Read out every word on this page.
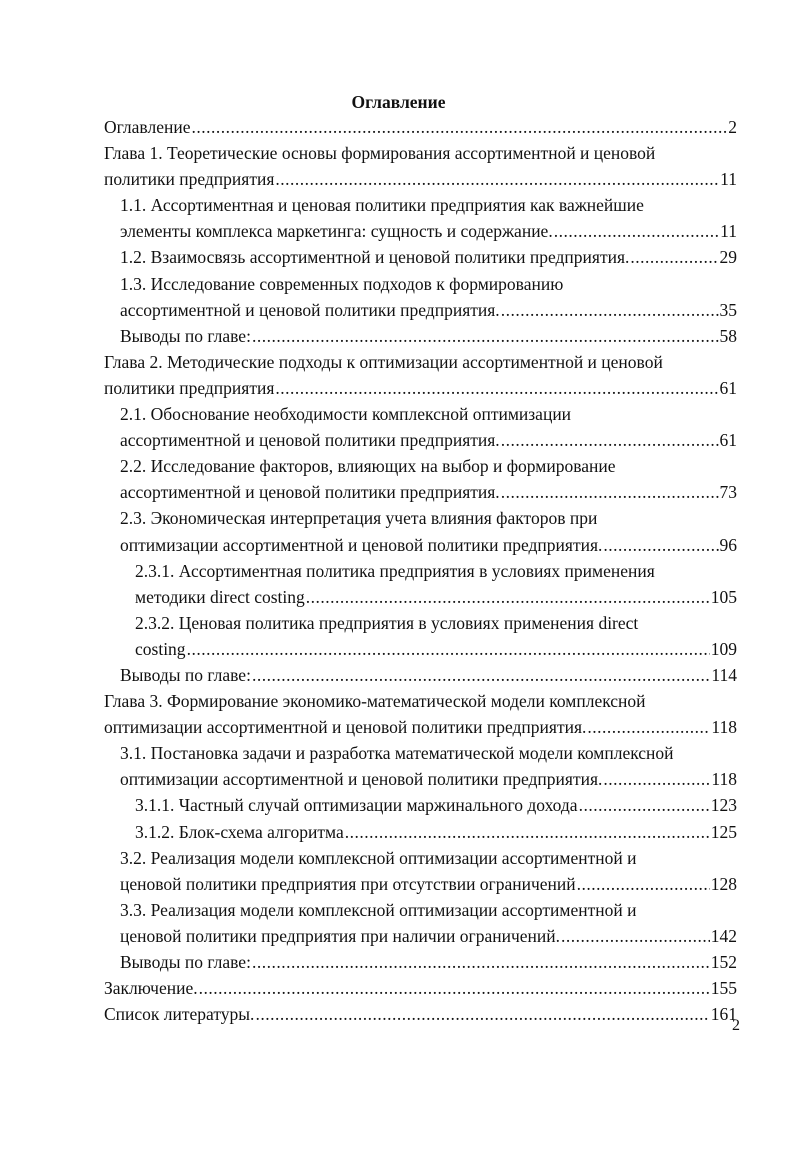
Оглавление
Оглавление .....	2
Глава 1. Теоретические основы формирования ассортиментной и ценовой
политики предприятия .....	11
1.1. Ассортиментная и ценовая политики предприятия как важнейшие
элементы комплекса маркетинга: сущность и содержание. .....	11
1.2. Взаимосвязь ассортиментной и ценовой политики предприятия. .....	29
1.3. Исследование современных подходов к формированию
ассортиментной и ценовой политики предприятия. .....	35
Выводы по главе: .....	58
Глава 2. Методические подходы к оптимизации ассортиментной и ценовой
политики предприятия .....	61
2.1. Обоснование необходимости комплексной оптимизации
ассортиментной и ценовой политики предприятия. .....	61
2.2. Исследование факторов, влияющих на выбор и формирование
ассортиментной и ценовой политики предприятия. .....	73
2.3. Экономическая интерпретация учета влияния факторов при
оптимизации ассортиментной и ценовой политики предприятия. .....	96
2.3.1. Ассортиментная политика предприятия в условиях применения
методики direct costing .....	105
2.3.2. Ценовая политика предприятия в условиях применения direct
costing .....	109
Выводы по главе: .....	114
Глава 3. Формирование экономико-математической модели комплексной
оптимизации ассортиментной и ценовой политики предприятия. .....	118
3.1. Постановка задачи и разработка математической модели комплексной
оптимизации ассортиментной и ценовой политики предприятия. .....	118
3.1.1. Частный случай оптимизации маржинального дохода .....	123
3.1.2. Блок-схема алгоритма .....	125
3.2. Реализация модели комплексной оптимизации ассортиментной и
ценовой политики предприятия при отсутствии ограничений .....	128
3.3. Реализация модели комплексной оптимизации ассортиментной и
ценовой политики предприятия при наличии ограничений. .....	142
Выводы по главе: .....	152
Заключение. .....	155
Список литературы. .....	161
2
